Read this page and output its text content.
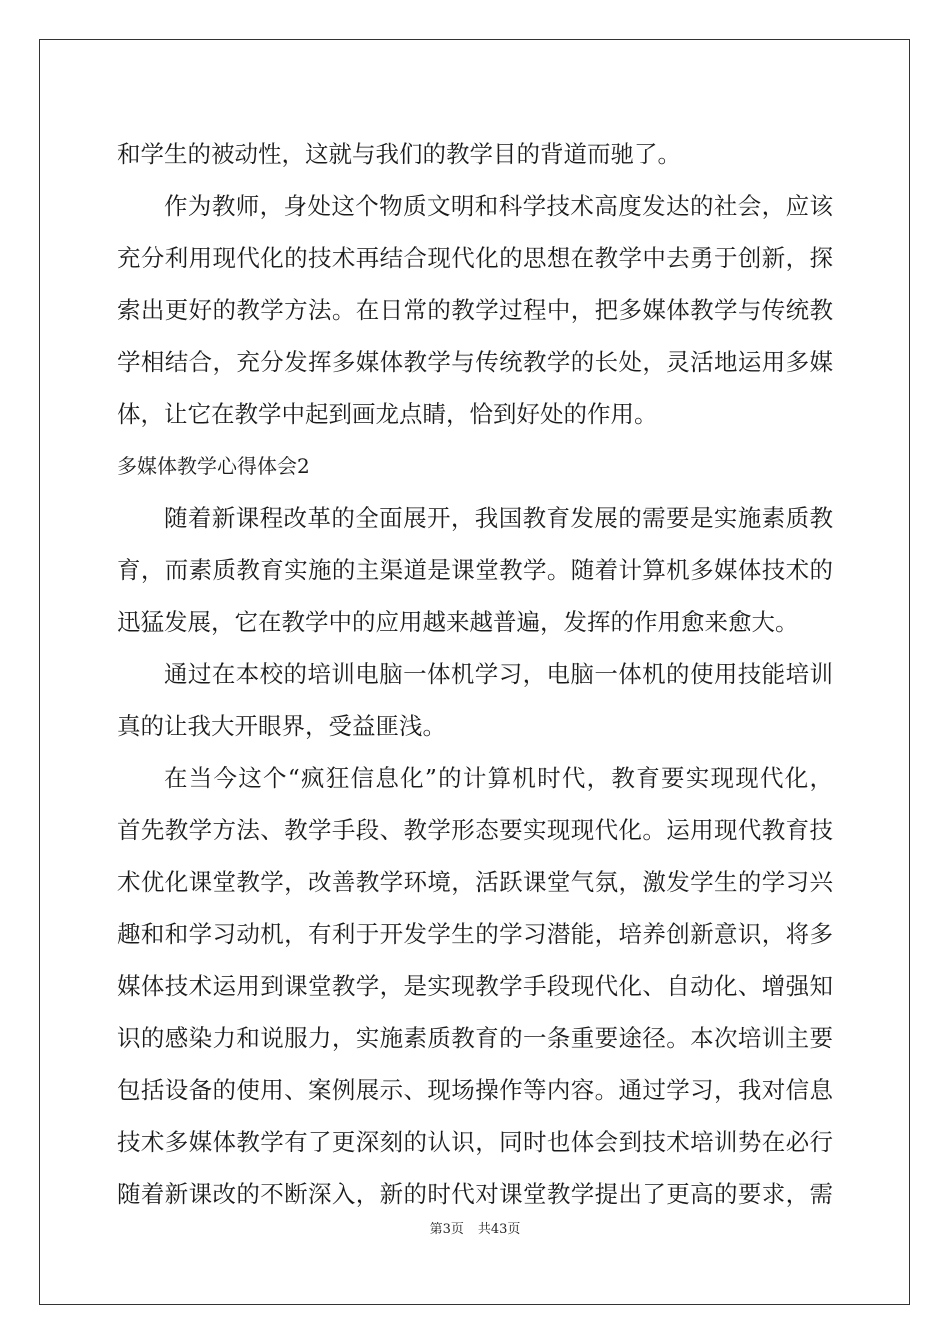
和学生的被动性，这就与我们的教学目的背道而驰了。
作为教师，身处这个物质文明和科学技术高度发达的社会，应该
充分利用现代化的技术再结合现代化的思想在教学中去勇于创新，探
索出更好的教学方法。在日常的教学过程中，把多媒体教学与传统教
学相结合，充分发挥多媒体教学与传统教学的长处，灵活地运用多媒
体，让它在教学中起到画龙点睛，恰到好处的作用。
多媒体教学心得体会2
随着新课程改革的全面展开，我国教育发展的需要是实施素质教
育，而素质教育实施的主渠道是课堂教学。随着计算机多媒体技术的
迅猛发展，它在教学中的应用越来越普遍，发挥的作用愈来愈大。
通过在本校的培训电脑一体机学习，电脑一体机的使用技能培训
真的让我大开眼界，受益匪浅。
在当今这个“疯狂信息化”的计算机时代，教育要实现现代化，
首先教学方法、教学手段、教学形态要实现现代化。运用现代教育技
术优化课堂教学，改善教学环境，活跃课堂气氛，激发学生的学习兴
趣和和学习动机，有利于开发学生的学习潜能，培养创新意识，将多
媒体技术运用到课堂教学，是实现教学手段现代化、自动化、增强知
识的感染力和说服力，实施素质教育的一条重要途径。本次培训主要
包括设备的使用、案例展示、现场操作等内容。通过学习，我对信息
技术多媒体教学有了更深刻的认识，同时也体会到技术培训势在必行
随着新课改的不断深入，新的时代对课堂教学提出了更高的要求，需
第3页 共43页
